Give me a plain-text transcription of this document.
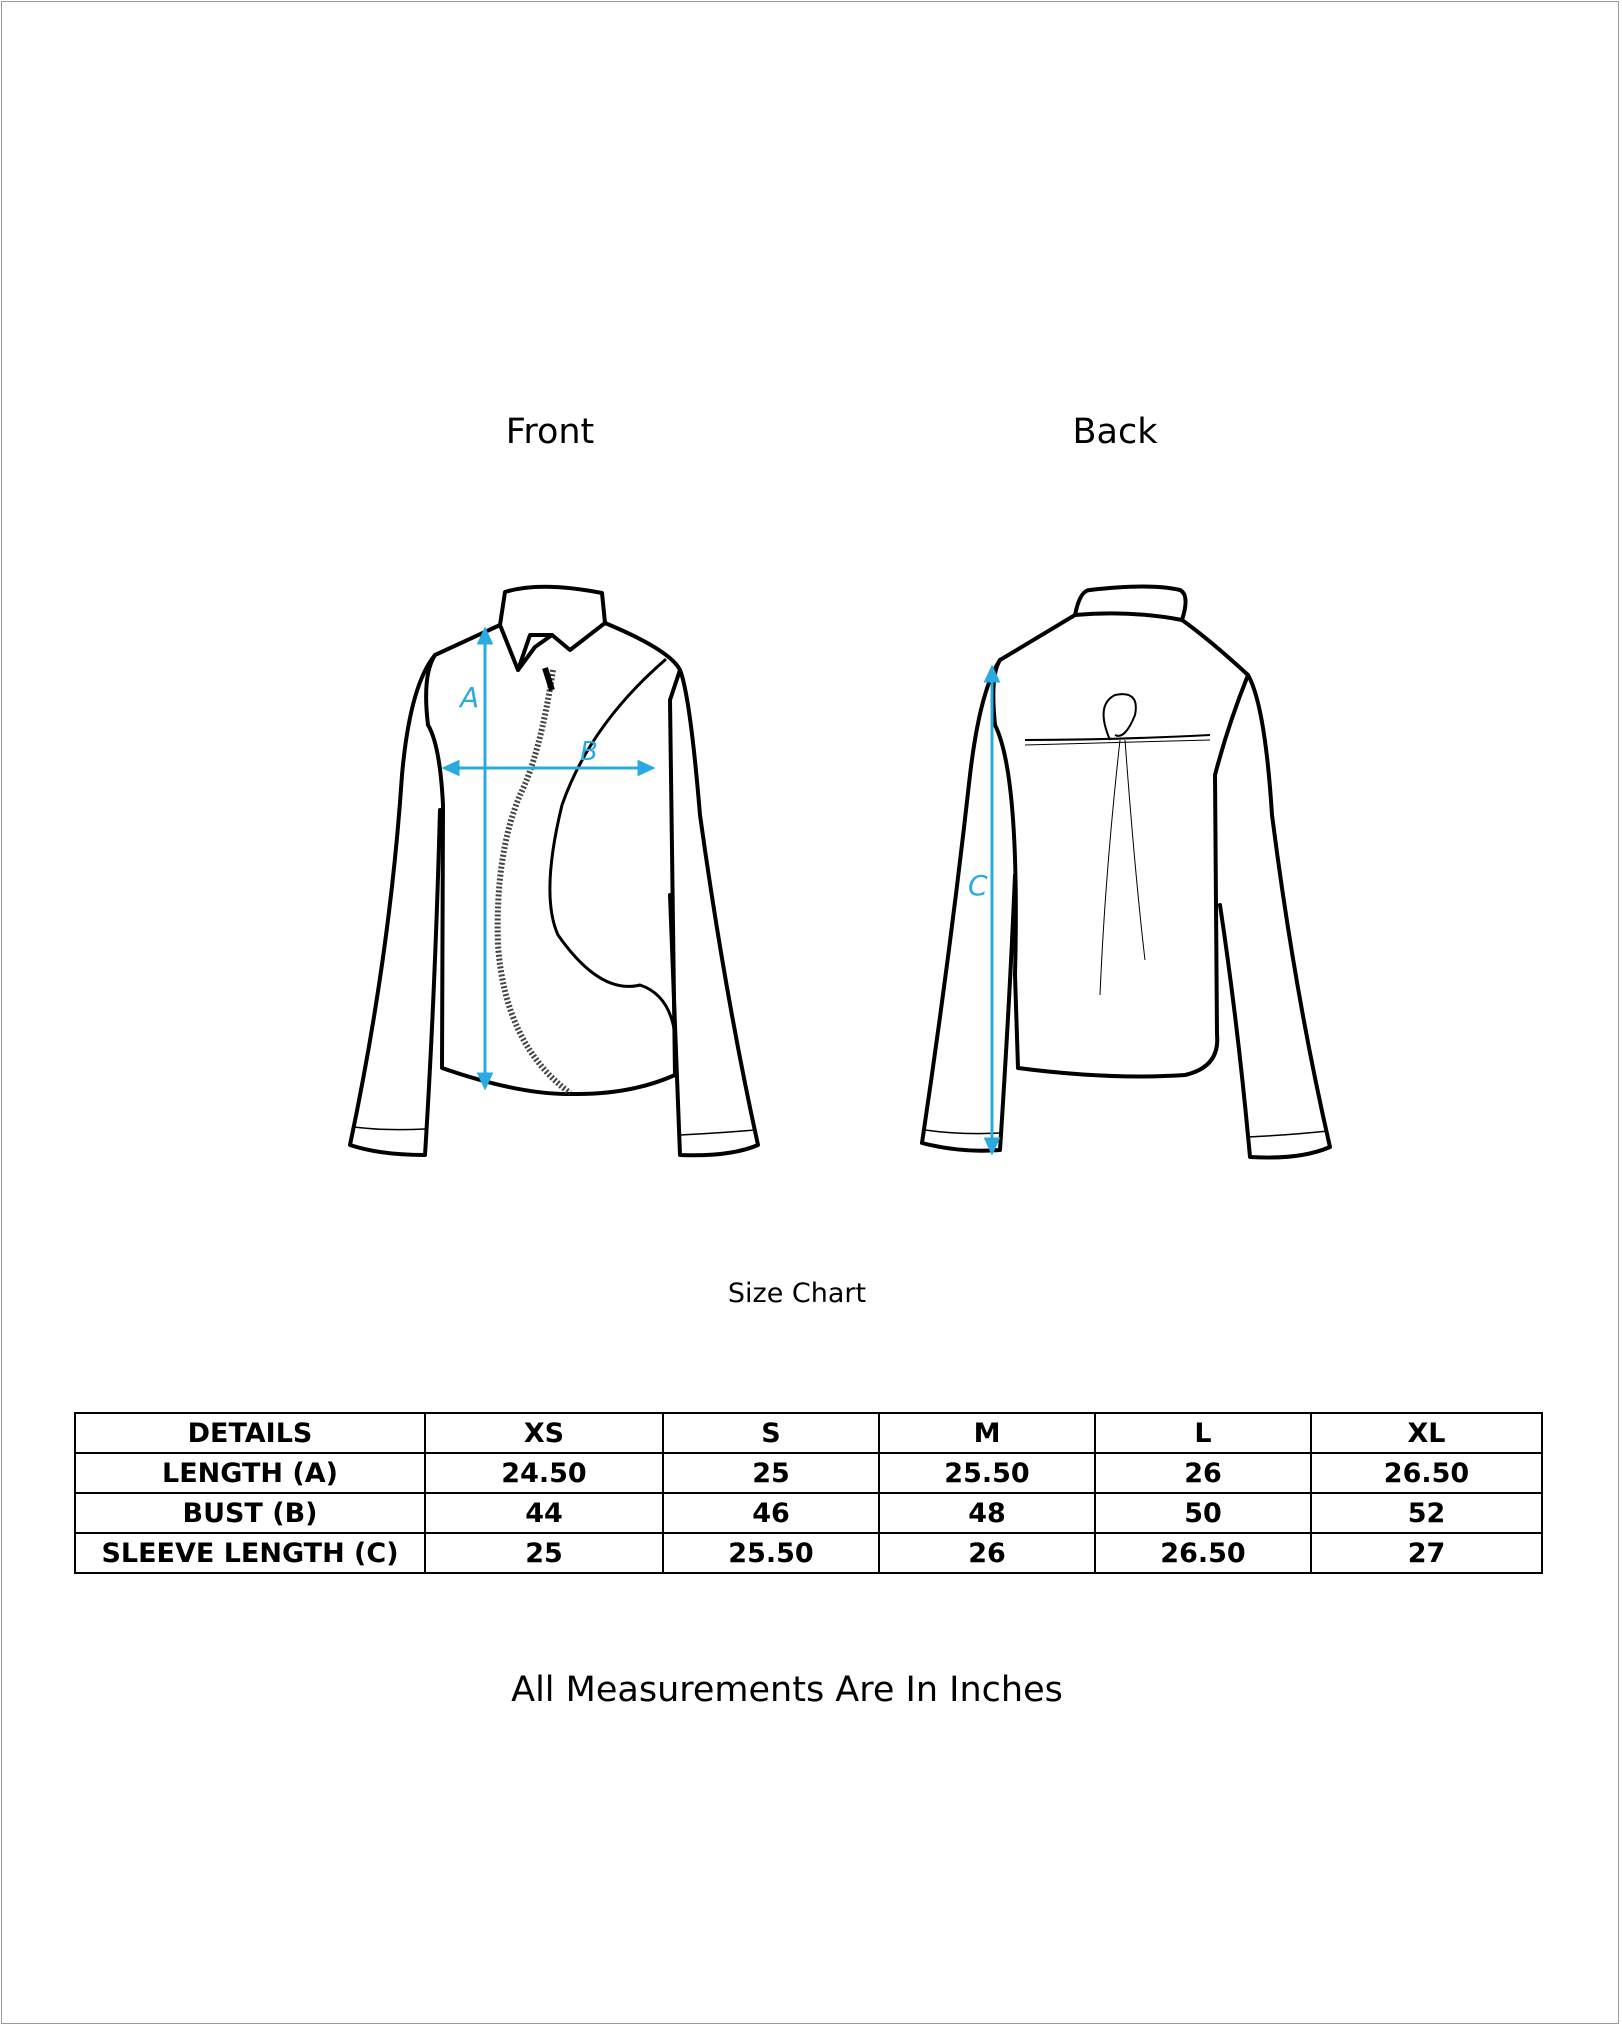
Front	Back
A
B
C
Size Chart
DETAILS	XS	S	M	L	XL
LENGTH (A)	24.50	25	25.50	26	26.50
BUST (B)	44	46	48	50	52
SLEEVE LENGTH (C)	25	25.50	26	26.50	27
All Measurements Are In Inches
